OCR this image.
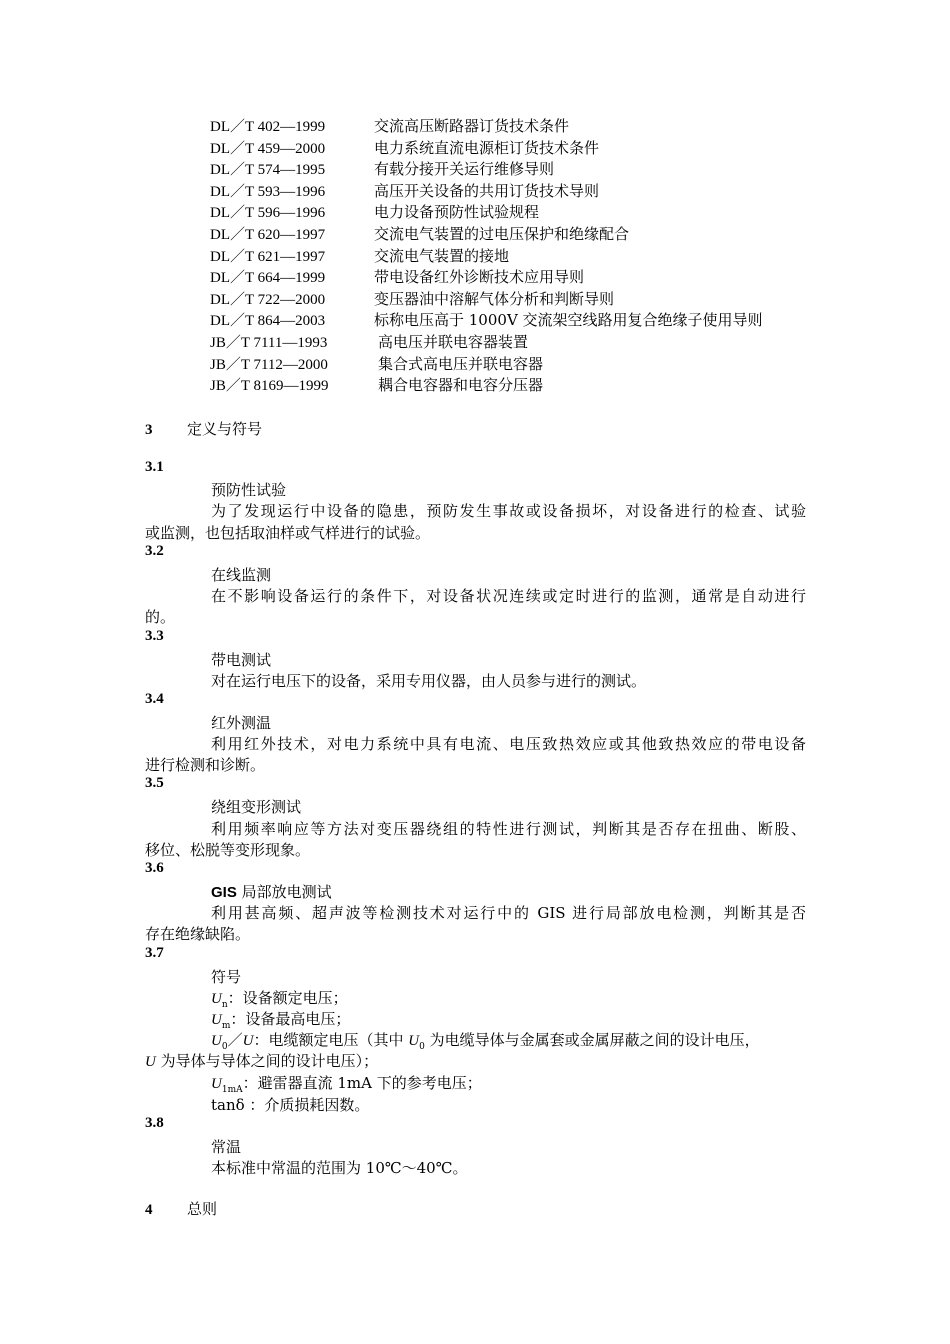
DL／T 402—1999	交流高压断路器订货技术条件
DL／T 459—2000	电力系统直流电源柜订货技术条件
DL／T 574—1995	有载分接开关运行维修导则
DL／T 593—1996	高压开关设备的共用订货技术导则
DL／T 596—1996	电力设备预防性试验规程
DL／T 620—1997	交流电气装置的过电压保护和绝缘配合
DL／T 621—1997	交流电气装置的接地
DL／T 664—1999	带电设备红外诊断技术应用导则
DL／T 722—2000	变压器油中溶解气体分析和判断导则
DL／T 864—2003	标称电压高于 1000V 交流架空线路用复合绝缘子使用导则
JB／T 7111—1993	高电压并联电容器装置
JB／T 7112—2000	集合式高电压并联电容器
JB／T 8169—1999	耦合电容器和电容分压器
3 定义与符号
3.1
预防性试验
为了发现运行中设备的隐患，预防发生事故或设备损坏，对设备进行的检查、试验
或监测，也包括取油样或气样进行的试验。
3.2
在线监测
在不影响设备运行的条件下，对设备状况连续或定时进行的监测，通常是自动进行
的。
3.3
带电测试
对在运行电压下的设备，采用专用仪器，由人员参与进行的测试。
3.4
红外测温
利用红外技术，对电力系统中具有电流、电压致热效应或其他致热效应的带电设备
进行检测和诊断。
3.5
绕组变形测试
利用频率响应等方法对变压器绕组的特性进行测试，判断其是否存在扭曲、断股、
移位、松脱等变形现象。
3.6
GIS 局部放电测试
利用甚高频、超声波等检测技术对运行中的 GIS 进行局部放电检测，判断其是否
存在绝缘缺陷。
3.7
符号
$U_n$：设备额定电压；
$U_m$：设备最高电压；
$U_0/U$：电缆额定电压（其中 $U_0$ 为电缆导体与金属套或金属屏蔽之间的设计电压，
U 为导体与导体之间的设计电压）；
$U_{1mA}$：避雷器直流 1mA 下的参考电压；
tanδ ：介质损耗因数。
3.8
常温
本标准中常温的范围为 10℃～40℃。
4 总则
